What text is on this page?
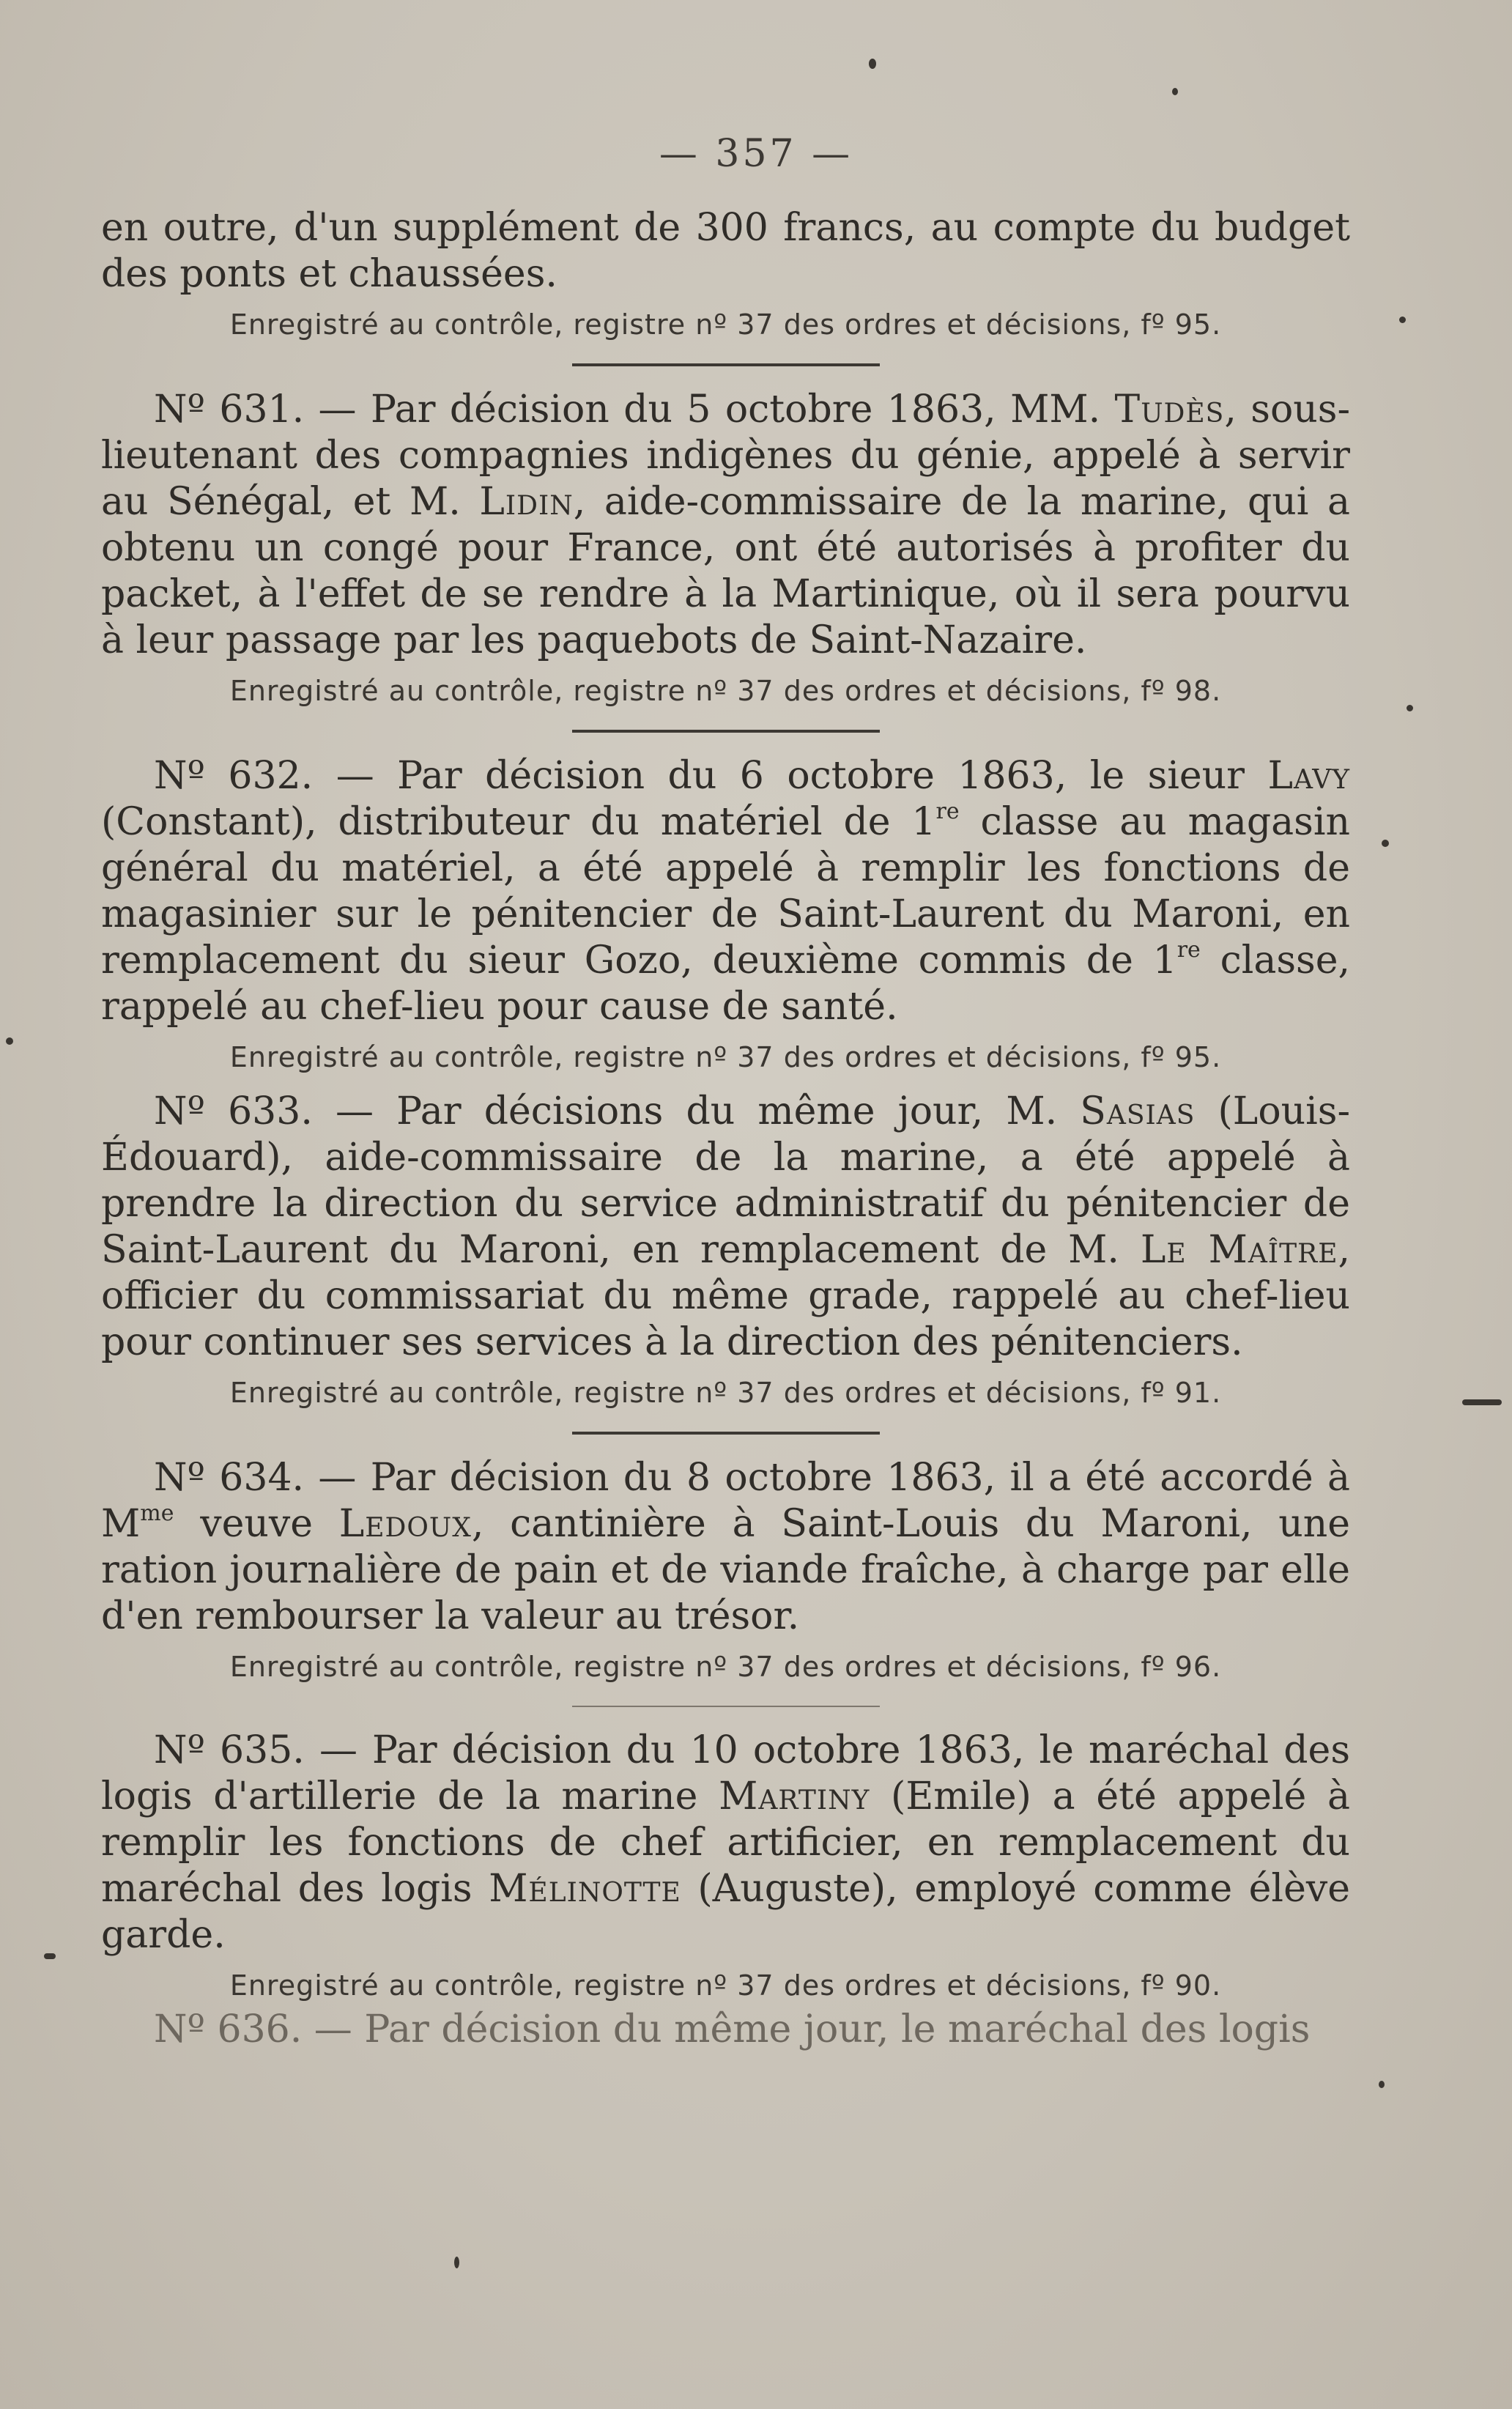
— 357 —

en outre, d'un supplément de 300 francs, au compte du budget des ponts et chaussées.

Enregistré au contrôle, registre nº 37 des ordres et décisions, fº 95.

Nº 631. — Par décision du 5 octobre 1863, MM. Tudès, sous-lieutenant des compagnies indigènes du génie, appelé à servir au Sénégal, et M. Lidin, aide-commissaire de la marine, qui a obtenu un congé pour France, ont été autorisés à profiter du packet, à l'effet de se rendre à la Martinique, où il sera pourvu à leur passage par les paquebots de Saint-Nazaire.

Enregistré au contrôle, registre nº 37 des ordres et décisions, fº 98.

Nº 632. — Par décision du 6 octobre 1863, le sieur Lavy (Constant), distributeur du matériel de 1re classe au magasin général du matériel, a été appelé à remplir les fonctions de magasinier sur le pénitencier de Saint-Laurent du Maroni, en remplacement du sieur Gozo, deuxième commis de 1re classe, rappelé au chef-lieu pour cause de santé.

Enregistré au contrôle, registre nº 37 des ordres et décisions, fº 95.

Nº 633. — Par décisions du même jour, M. Sasias (Louis-Édouard), aide-commissaire de la marine, a été appelé à prendre la direction du service administratif du pénitencier de Saint-Laurent du Maroni, en remplacement de M. Le Maître, officier du commissariat du même grade, rappelé au chef-lieu pour continuer ses services à la direction des pénitenciers.

Enregistré au contrôle, registre nº 37 des ordres et décisions, fº 91.

Nº 634. — Par décision du 8 octobre 1863, il a été accordé à $M^{me}$ veuve Ledoux, cantinière à Saint-Louis du Maroni, une ration journalière de pain et de viande fraîche, à charge par elle d'en rembourser la valeur au trésor.

Enregistré au contrôle, registre nº 37 des ordres et décisions, fº 96.

Nº 635. — Par décision du 10 octobre 1863, le maréchal des logis d'artillerie de la marine Martiny (Emile) a été appelé à remplir les fonctions de chef artificier, en remplacement du maréchal des logis Mélinotte (Auguste), employé comme élève garde.

Enregistré au contrôle, registre nº 37 des ordres et décisions, fº 90.

Nº 636. — Par décision du même jour, le maréchal des logis
